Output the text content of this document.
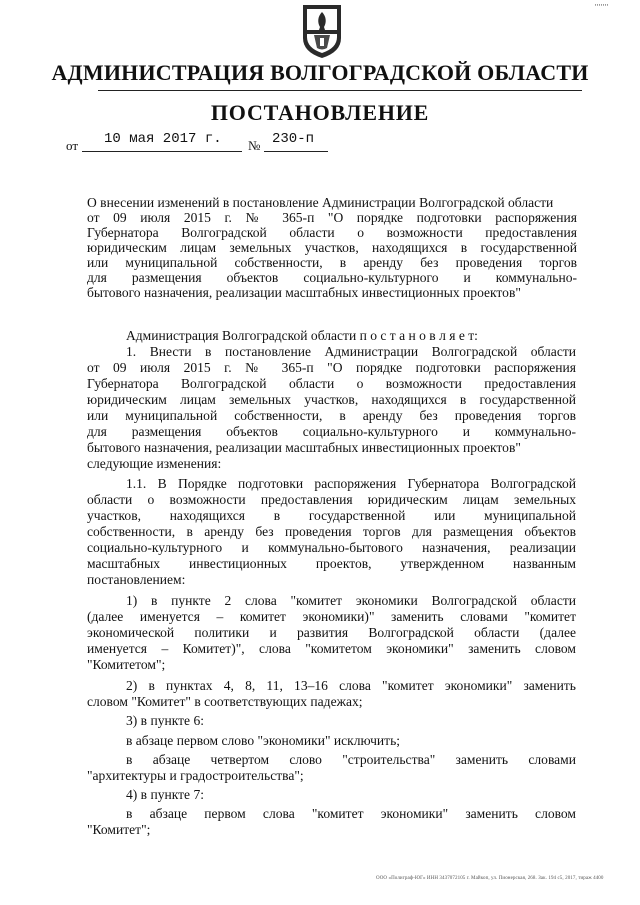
·······
АДМИНИСТРАЦИЯ ВОЛГОГРАДСКОЙ ОБЛАСТИ
ПОСТАНОВЛЕНИЕ
от 10 мая 2017 г. № 230-п
О внесении изменений в постановление Администрации Волгоградской области
от 09 июля 2015 г. № 365-п "О порядке подготовки распоряжения
Губернатора Волгоградской области о возможности предоставления
юридическим лицам земельных участков, находящихся в государственной
или муниципальной собственности, в аренду без проведения торгов
для размещения объектов социально-культурного и коммунально-
бытового назначения, реализации масштабных инвестиционных проектов"
Администрация Волгоградской области п о с т а н о в л я е т:
1. Внести в постановление Администрации Волгоградской области
от 09 июля 2015 г. № 365-п "О порядке подготовки распоряжения
Губернатора Волгоградской области о возможности предоставления
юридическим лицам земельных участков, находящихся в государственной
или муниципальной собственности, в аренду без проведения торгов
для размещения объектов социально-культурного и коммунально-
бытового назначения, реализации масштабных инвестиционных проектов"
следующие изменения:
1.1. В Порядке подготовки распоряжения Губернатора Волгоградской
области о возможности предоставления юридическим лицам земельных
участков, находящихся в государственной или муниципальной
собственности, в аренду без проведения торгов для размещения объектов
социально-культурного и коммунально-бытового назначения, реализации
масштабных инвестиционных проектов, утвержденном названным
постановлением:
1) в пункте 2 слова "комитет экономики Волгоградской области
(далее именуется – комитет экономики)" заменить словами "комитет
экономической политики и развития Волгоградской области (далее
именуется – Комитет)", слова "комитетом экономики" заменить словом
"Комитетом";
2) в пунктах 4, 8, 11, 13–16 слова "комитет экономики" заменить
словом "Комитет" в соответствующих падежах;
3) в пункте 6:
в абзаце первом слово "экономики" исключить;
в абзаце четвертом слово "строительства" заменить словами
"архитектуры и градостроительства";
4) в пункте 7:
в абзаце первом слова "комитет экономики" заменить словом
"Комитет";
ООО «Полиграф-ЮГ» ИНН 3437072105 г. Майкоп, ул. Пионерская, 268. Зак. 194 с5, 2017, тираж 4400
